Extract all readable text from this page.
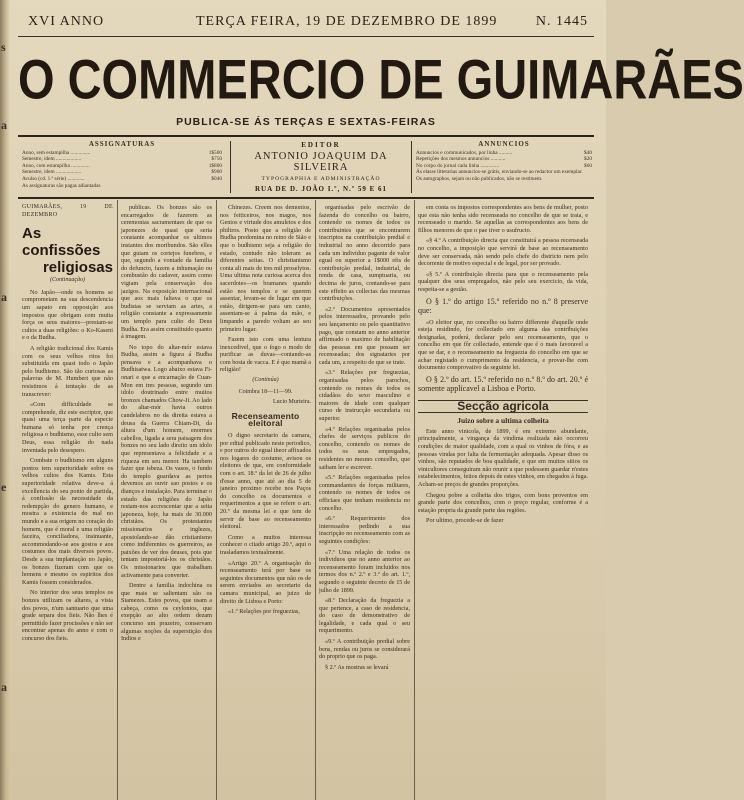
s
a
a
e
a
XVI ANNO	TERÇA FEIRA, 19 DE DEZEMBRO DE 1899	N. 1445
O COMMERCIO DE GUIMARÃES
PUBLICA-SE ÁS TERÇAS E SEXTAS-FEIRAS
ASSIGNATURAS
Anno, sem estampilha ...............	1$500
Semestre, idem ...................	$750
Anno, com estampilha ..............	1$800
Semestre, idem ...................	$900
Avulso (cd. 1.ª série) .............	$040
As assignaturas são pagas adiantadas
EDITOR
ANTONIO JOAQUIM DA SILVEIRA
TYPOGRAPHIA E ADMINISTRAÇÃO
RUA DE D. JOÃO I.º, N.º 59 E 61
ANNUNCIOS
Annuncios e communicados, por linha ..........	$40
Repetições dos mesmos annuncios ...........	$20
No corpo do jornal cada linha ..............	$60
Ás elasse litterarias annuncios-se grátis, enviando-se ao redactor um exemplar.
Os autographos, sejam ou não publicados, não se restituem.

GUIMARÃES, 19 DE DEZEMBRO

As confissões
religiosas

(Continuação)

No Japão—onde os homens se comprometam na sua descendencia um sapato em opposição aos impostos que obrigam com muita força os seus maiores—prestam-se cultos a duas religiões: o Ko-Kaseni e o da Budha.

A religião tradicional dos Kamis com os seus velhos ritos foi substituida em quasi todo o Japão pelo budhismo. São tão curiosas as palavras de M. Humbert que não resistimos á tentação de as transcrever:

«Com difficuldade se comprehende, diz este escriptor, que quasi uma terça parte da especie humana só tenha por crença religiosa o budhismo, esse culto sem Deus, essa religião do nada inventada pelo desespero.

Combate o budhismo em alguns pontos tem superioridade sobre os velhos cultos dos Kamis. Esta superioridade relativa deve-a á excellencia do seu ponto de partida, á confissão da necessidade da redempção do genero humano, e mostra a existencia do mal no mundo e a sua origem no coração do homem, que é moral e uma religião faceira, conciliadora, insinuante, accommodando-se aos gostos e aos costumes dos mais diversos povos. Desde a sua implantação no Japão, os bonzes fizeram com que os homens e mesmo os espiritos dos Kamis fossem considerados.

No interior dos seus templos os bonzes utilizam os altares, a vista dos povos, n'um santuario que uma grade separa dos fieis. Não lhes é permittido fazer procissões e não ser encontrar apenas do anno e com o concurso dos fieis.

publicas. Os bonzes são os encarregados de fazerem as ceremonias sacramentaes de que os japonezes de quasi que seria constante acompanhar os ultimos instantes dos moribundos. São elles que guiam os cortejos funebres, e que, segundo a vontade da familia do defuncto, fazem a inhumação ou combustão do cadaver, assim como vigiam pela conservação dos jazigos. Na exposição internacional que aos mais faltava o que os budistas se serviam as artes, a religião constante a expressamente um templo para culto do Deus Budha. Era assim constituido quanto á imagem.

No topo do altar-mór estava Budha, assim a figura á Budha pensava e a acompanhava o Budhisatwa. Logo abaixo estava Fi-onari e que a encarnação de Cuan-Mon em tres pessoas, segundo um idolo doutrinado entre muitos bronzes chamados Chow-Ji. Ao lado do altar-mór havia outros candelabros no da direita estava a deusa da Guerra Chiam-Di, da altura d'um homem, enormes cabellos, ligada a sera paisagem dos bonzes no seu lado direito um idolo que representava a felicidade e a riqueza em seu menor. Ha tambem fazer que isbeza. Os vasos, o fundo do templo guardava as pertos devemos ao ouvir sao postos e os dianços e instalação. Para terminar o estado das religiões do Japão restam-nos accrescentar que a seita japoneza, hoje, ha mais de 30.000 christãos. Os protestantes missionarios e inglezes, apostolando-se dão cristianismo como indiferentes os guerreiros, as paixões de ver dos deuses, pois que tentam impostoriá-los os christãos. Os missionarios que trabalham activamente para converter.

Dentre a familia indochina os que mais se salientam são os Siamezes. Estes povos, que usam a cabeça, como os ceylonios, que exepção ao alto ordem dezam concurso um prazeiro, conservam algumas noções da superstição dos Indios e

Chinezes. Creem nos demonios, nos feiticeiros, nos magos, nos Genios e virtude dos amuletos e dos philtros. Posto que a religião de Budha predomina no reino de Sião e que o budhismo seja a religião do estado, contudo não toleram as diferentes seitas. O christianismo conta ali mais de tres mil proselytos. Uma ultima nota curiosa acerca dos sacerdotes—os bramanes quando estão nos templos e se querem assentar, levam-se de lugar em que estão, dirigem-se para um canto, assentam-se á palma da mão, e limpando a paredo voltam ao seu primeiro lugar.

Fazem isto com uma lentura inexcedivel, que o fogo o modo de purificar as duvas—contando-as com bosta de vacca. E é que mamã a religião!

(Continúa)

Coimbra 18—11—99.

Lucio Murteira.

Recenseamento eleitoral

O digno secretario da camara, por edital publicado neste periodico, e por outros do egual theor affixados nos logares do costume, avisou os eleitores de que, em conformidade com o art. 18.º da lei de 26 de julho d'esse anno, que até ao dia 5 de janeiro proximo recebe nos Paços do concelho os documentos e requerimentos a que se refere o art. 20.º da mesma lei e que tem de servir de base ao recenseamento eleitoral.

Como a muitos interessa conhecer o citado artigo 20.º, aqui o trasladamos textualmente.

«Artigo 20.º A organisação do recenseamento terá por base os seguintes documentos que não os de serem enviados ao secretario da camara municipal, ao juizo de direito de Lisboa e Porto:

«1.º Relações por freguezias,

organisadas pelo escrivão de fazenda do concelho ou bairro, contendo os nomes de todos os contribuintes que se encontrarem inscriptos na contribuição predial e industrial no anno decorrido para cada um individuo pagante de valor egual ou superior a 1$000 réis de contribuição predial, industrial, de renda de casa, sumptuaria, ou decima de juros, contando-se para este effeito as collectas das mesmas contribuições.

«2.º Documentos apresentados pelos interessados, provando pelo seu lançamento ou pelo quantitativo pago, que constam no anno anterior affirmado o maximo de habilitação das pessoas em que possam ser recenseadas; dos signataries por cada um, a respeito de que se trate.

«3.º Relações por freguezias, organisadas pelos parochos, contendo os nomes de todos os cidadãos do sexo masculino e maiores de idade com qualquer curso de instrucção secundaria ou superior.

«4.º Relações organisadas pelos chefes de serviços publicos do concelho, contendo os nomes de todos os seus empregados, residentes no mesmo concelho, que saibam ler e escrever.

«5.º Relações organisadas pelos commandantes de forças militares, contendo os nomes de todos os officiaes que tenham residencia no concelho.

«6.º Requerimento dos interessados pedindo a sua inscripção no recenseamento com as seguintes condições:

«7.º Uma relação de todos os individuos que no anno anterior ao recenseamento foram incluidos nos termos dos n.º 2.º e 3.º do art. 1.º, segundo o seguinte decreto de 15 de julho de 1899.

«8.º Declaração da freguezia a que pertence, a caso de residencia, do caso de demonstrativo de legalidade, e cada qual o seu requerimento.

«9.º A contribuição predial sobre bens, rendas ou juros se considerará do proprio que os paga.

§ 2.º As mostras se levará

em conta os impostos correspondentes aos bens de mulher, posto que esta não tenha sido recenseada no concelho de que se trata, e recenseado o marido. Se aquellas as correspondentes aos bens de filhos menores de que o pae tiver o usufructo.

«§ 4.º A contribuição directa que constituirá a pessoa recenseada no concelho, a imposição que servirá de base ao recenseamento deve ser conservada, não sendo pelo chefe do districto nem pelo decorrente de motivo especial e de legal, por ser provado.

«§ 5.º A contribuição directa para que o recenseamento pela qualquer dos seus empregados, não pelo seu exercicio, da vida, respeita-se a gestão.

O § 1.º do artigo 15.º referido no n.º 8 preserve que:

«O eleitor que, no concelho ou bairro differente d'aquelle onde esteja residindo, for collectado em alguma das contribuições designadas, poderá, declarar pelo seu recenseamento, que o concelho em que fôr collectado, entende que é o mais favoravel a que se dar, e o recenseamento na freguezia do concelho em que se achar registado o cumprimento da residencia, e provar-lhe com documento comprovativo da seguinte lei.

O § 2.º do art. 15.º referido no n.º 8.º do art. 20.º é somente applicavel a Lisboa e Porto.

Secção agricola

Juizo sobre a ultima colheita

Este anno vinicola, de 1899, é em extremo abundante, principalmente, a vingança da vindima realizada não occorreu condições de maior qualidade, com a qual os vinhos de fóra, e as pessoas vindas por falta da fermentação adequada. Apesar disso os vinhos, são reputados de boa qualidade, e que em muitos sitios os vinicultores conseguiram não reunir a que podessem guardar n'estes estabelecimentos, feitos depois de estes vinhos, em chegados á fuga. Acham-se preços de grandes proporções.

Chegou pobre a colheita dos trigos, com bons proventos em grande parte dos concelhos, com o preço regular, conforme é a estação propria da grande parte das regiões.

Por ultimo, procede-se de fazer
